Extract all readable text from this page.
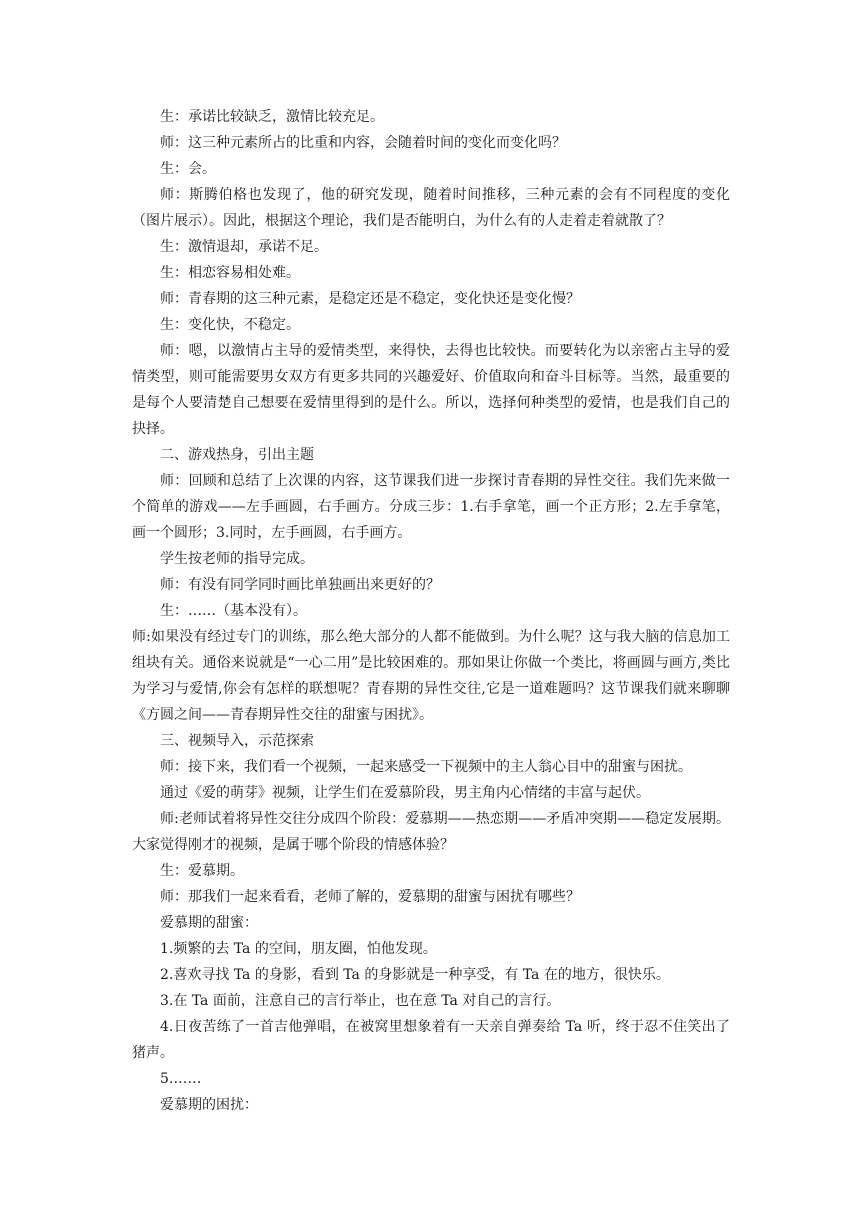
生：承诺比较缺乏，激情比较充足。

师：这三种元素所占的比重和内容，会随着时间的变化而变化吗？

生：会。

师：斯腾伯格也发现了，他的研究发现，随着时间推移，三种元素的会有不同程度的变化（图片展示）。因此，根据这个理论，我们是否能明白，为什么有的人走着走着就散了？

生：激情退却，承诺不足。

生：相恋容易相处难。

师：青春期的这三种元素，是稳定还是不稳定，变化快还是变化慢？

生：变化快，不稳定。

师：嗯，以激情占主导的爱情类型，来得快，去得也比较快。而要转化为以亲密占主导的爱情类型，则可能需要男女双方有更多共同的兴趣爱好、价值取向和奋斗目标等。当然，最重要的是每个人要清楚自己想要在爱情里得到的是什么。所以，选择何种类型的爱情，也是我们自己的抉择。

二、游戏热身，引出主题

师：回顾和总结了上次课的内容，这节课我们进一步探讨青春期的异性交往。我们先来做一个简单的游戏——左手画圆，右手画方。分成三步：1.右手拿笔，画一个正方形；2.左手拿笔，画一个圆形；3.同时，左手画圆，右手画方。

学生按老师的指导完成。

师：有没有同学同时画比单独画出来更好的？

生：……（基本没有）。

师:如果没有经过专门的训练，那么绝大部分的人都不能做到。为什么呢？这与我大脑的信息加工组块有关。通俗来说就是“一心二用”是比较困难的。那如果让你做一个类比，将画圆与画方,类比为学习与爱情,你会有怎样的联想呢？青春期的异性交往,它是一道难题吗？这节课我们就来聊聊《方圆之间——青春期异性交往的甜蜜与困扰》。

三、视频导入，示范探索

师：接下来，我们看一个视频，一起来感受一下视频中的主人翁心目中的甜蜜与困扰。

通过《爱的萌芽》视频，让学生们在爱慕阶段，男主角内心情绪的丰富与起伏。

师:老师试着将异性交往分成四个阶段：爱慕期——热恋期——矛盾冲突期——稳定发展期。大家觉得刚才的视频，是属于哪个阶段的情感体验？

生：爱慕期。

师：那我们一起来看看，老师了解的，爱慕期的甜蜜与困扰有哪些？

爱慕期的甜蜜：

1.频繁的去 Ta 的空间，朋友圈，怕他发现。

2.喜欢寻找 Ta 的身影，看到 Ta 的身影就是一种享受，有 Ta 在的地方，很快乐。

3.在 Ta 面前，注意自己的言行举止，也在意 Ta 对自己的言行。

4.日夜苦练了一首吉他弹唱，在被窝里想象着有一天亲自弹奏给 Ta 听，终于忍不住笑出了猪声。

5.……

爱慕期的困扰：
